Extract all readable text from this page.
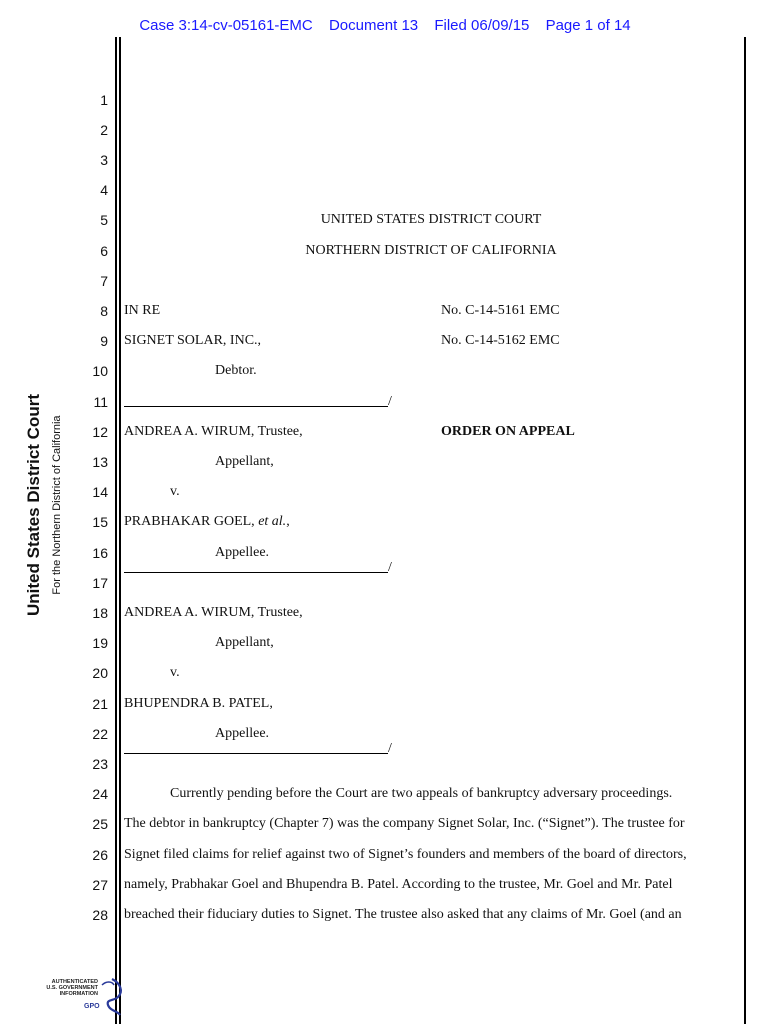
Case 3:14-cv-05161-EMC Document 13 Filed 06/09/15 Page 1 of 14
United States District Court For the Northern District of California
1
2
3
4
5
6
7
8
9
10
11
12
13
14
15
16
17
18
19
20
21
22
23
24
25
26
27
28
UNITED STATES DISTRICT COURT
NORTHERN DISTRICT OF CALIFORNIA
IN RE
SIGNET SOLAR, INC.,
Debtor.
No. C-14-5161 EMC
No. C-14-5162 EMC
/
ANDREA A. WIRUM, Trustee,	ORDER ON APPEAL
Appellant,
v.
PRABHAKAR GOEL, et al.,
Appellee.
/
ANDREA A. WIRUM, Trustee,
Appellant,
v.
BHUPENDRA B. PATEL,
Appellee.
/
Currently pending before the Court are two appeals of bankruptcy adversary proceedings.
The debtor in bankruptcy (Chapter 7) was the company Signet Solar, Inc. (“Signet”). The trustee for
Signet filed claims for relief against two of Signet’s founders and members of the board of directors,
namely, Prabhakar Goel and Bhupendra B. Patel. According to the trustee, Mr. Goel and Mr. Patel
breached their fiduciary duties to Signet. The trustee also asked that any claims of Mr. Goel (and an
AUTHENTICATED
U.S. GOVERNMENT
INFORMATION
GPO
